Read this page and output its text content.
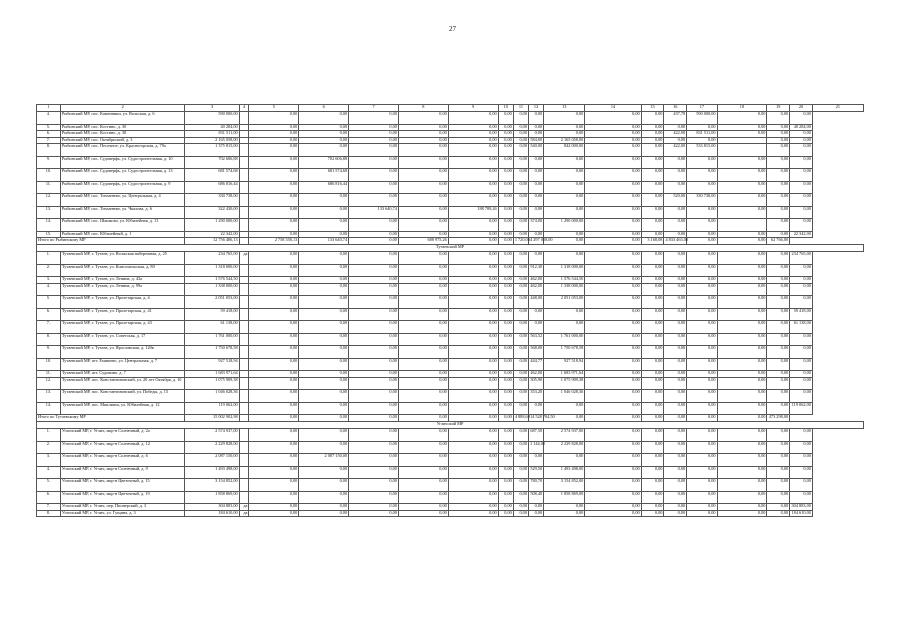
27
1	2	3	4	5	6	7	8	9	10	11	12	13	14	15	16	17	18	19	20	21
4.	Рыбинский МР, пос. Каменники, ул. Вольская, д. 6	590 000,00		0,00	0,00	0,00	0,00	0,00	0,00	0,00	0,00	0,00	0,00	0,00	437,78	590 000,00	0,00	0,00	0,00	
5.	Рыбинский МР, пос. Костино, д. 30	40 284,00		0,00	0,00	0,00	0,00	0,00	0,00	0,00	0,00	0,00	0,00	0,00	0,00	0,00	0,00	0,00	40 284,00	
6.	Рыбинский МР, пос. Костино, д. 38	831 511,00		0,00	0,00	0,00	0,00	0,00	0,00	0,00	0,00	0,00	0,00	0,00	422,00	831 511,00	0,00	0,00	0,00	
7.	Рыбинский МР, пос. Октябрьский, д. 3	2 165 058,00		0,00	0,00	0,00	0,00	0,00	0,00	0,00	584,00	2 165 058,00	0,00	0,00	0,00	0,00		0,00	0,00	
8.	Рыбинский МР, пос. Песочное, ул. Красногорская, д. 79а	1 375 815,00		0,00	0,00	0,00	0,00	0,00	0,00	0,00	540,00	842 000,00	0,00	0,00	422,00	533 815,00		0,00	0,00	
9.	Рыбинский МР, пос. Судоверфь, ул. Судостроительная, д. 10	702 606,88		0,00	702 606,88	0,00	0,00	0,00	0,00	0,00	0,00	0,00	0,00	0,00	0,00	0,00	0,00	0,00	0,00	
10.	Рыбинский МР, пос. Судоверфь, ул. Судостроительная, д. 13	681 574,68		0,00	681 574,68	0,00	0,00	0,00	0,00	0,00	0,00	0,00	0,00	0,00	0,00	0,00	0,00	0,00	0,00	
11.	Рыбинский МР, пос. Судоверфь, ул. Судостроительная, д. 9	686 816,44		0,00	686 816,44	0,00	0,00	0,00	0,00	0,00	0,00	0,00	0,00	0,00	0,00	0,00	0,00	0,00	0,00	
12.	Рыбинский МР, пос. Тихменево, ул. Центральная, д. 4	330 738,00		0,00	0,00	0,00	0,00	0,00	0,00	0,00	0,00	0,00	0,00	0,00	520,00	330 738,00	0,00	0,00	0,00	
13.	Рыбинский МР, пос. Тихменево, ул. Чкалова, д. 6	322 430,00		0,00	0,00	133 640,74	0,00	188 789,26	0,00	0,00	0,00	0,00	0,00	0,00	0,00	0,00	0,00	0,00	0,00	
14.	Рыбинский МР, пос. Шашково, ул. Юбилейная, д. 13	1 290 000,00		0,00	0,00	0,00	0,00	0,00	0,00	0,00	374,00	1 290 000,00	0,00	0,00	0,00	0,00		0,00	0,00	
15.	Рыбинский МР, пос. Юбилейный, д. 1	22 342,00		0,00	0,00	0,00	0,00	0,00	0,00	0,00	0,00	0,00	0,00	0,00	0,00	0,00	0,00	0,00	22 342,00	
Итого по Рыбинскому МР		12 756 406,13		2 758 558,13	133 640,74	0,00	688 975,26	0,00	0,00	1 720,00	4 297 058,00	0,00	0,00	3 168,08	4 833 463,00	0,00	0,00	62 766,00		
Тутаевский МР																				
1.	Тутаевский МР, г. Тутаев, ул. Волжская набережная, д. 25	234 765,00	да	0,00	0,00	0,00	0,00	0,00	0,00	0,00	0,00	0,00	0,00	0,00	0,00	0,00	0,00	0,00	234 765,00	
2.	Тутаевский МР, г. Тутаев, ул. Комсомольская, д. 80	1 318 000,00		0,00	0,00	0,00	0,00	0,00	0,00	0,00	912,30	1 318 000,00	0,00	0,00	0,00	0,00	0,00	0,00	0,00	
3.	Тутаевский МР, г. Тутаев, ул. Ленина, д. 43а	1 576 544,50		0,00	0,00	0,00	0,00	0,00	0,00	0,00	462,00	1 576 544,50	0,00	0,00	0,00	0,00	0,00	0,00	0,00	
4.	Тутаевский МР, г. Тутаев, ул. Ленина, д. 99а	1 338 000,00		0,00	0,00	0,00	0,00	0,00	0,00	0,00	462,00	1 338 000,00	0,00	0,00	0,00	0,00	0,00	0,00	0,00	
5.	Тутаевский МР, г. Тутаев, ул. Пролетарская, д. 4	2 051 053,00		0,00	0,00	0,00	0,00	0,00	0,00	0,00	448,00	2 051 053,00	0,00	0,00	0,00	0,00	0,00	0,00	0,00	
6.	Тутаевский МР, г. Тутаев, ул. Пролетарская, д. 41	59 418,00		0,00	0,00	0,00	0,00	0,00	0,00	0,00	0,00	0,00	0,00	0,00	0,00	0,00	0,00	0,00	59 418,00	
7.	Тутаевский МР, г. Тутаев, ул. Пролетарская, д. 43	61 138,00		0,00	0,00	0,00	0,00	0,00	0,00	0,00	0,00	0,00	0,00	0,00	0,00	0,00	0,00	0,00	61 138,00	
8.	Тутаевский МР, г. Тутаев, ул. Советская, д. 17	1 761 000,00		0,00	0,00	0,00	0,00	0,00	0,00	0,00	563,52	1 761 000,00	0,00	0,00	0,00	0,00	0,00	0,00	0,00	
9.	Тутаевский МР, г. Тутаев, ул. Ярославская, д. 120в	1 750 678,58		0,00	0,00	0,00	0,00	0,00	0,00	0,00	568,00	1 750 678,58	0,00	0,00	0,00	0,00	0,00	0,00	0,00	
10.	Тутаевский МР, пгт. Емишево, ул. Центральная, д. 7	927 518,94		0,00	0,00	0,00	0,00	0,00	0,00	0,00	444,77	927 518,94	0,00	0,00	0,00	0,00	0,00	0,00	0,00	
11.	Тутаевский МР, пгт. Судовино, д. 7	1 683 971,64		0,00	0,00	0,00	0,00	0,00	0,00	0,00	462,00	1 683 971,64	0,00	0,00	0,00	0,00	0,00	0,00	0,00	
12.	Тутаевский МР, пос. Константиновский, ул. 20 лет Октября, д. 10	1 075 909,38		0,00	0,00	0,00	0,00	0,00	0,00	0,00	305,90	1 075 909,38	0,00	0,00	0,00	0,00	0,00	0,00	0,00	
13.	Тутаевский МР, пос. Константиновский, ул. Победы, д. 15	1 046 028,36		0,00	0,00	0,00	0,00	0,00	0,00	0,00	353,20	1 046 028,36	0,00	0,00	0,00	0,00	0,00	0,00	0,00	
14.	Тутаевский МР, пос. Микляиха, ул. Юбилейная, д. 12	119 062,00		0,00	0,00	0,00	0,00	0,00	0,00	0,00	0,00	0,00	0,00	0,00	0,00	0,00	0,00	0,00	119 062,00	
Итого по Тутаевскому МР		15 002 902,98		0,00	0,00	0,00	0,00	0,00	0,00	4 888,69	14 528 704,50	0,00	0,00	0,00	0,00	0,00	0,00	473 298,00		
Угличский МР																				
1.	Угличский МР, г. Углич, мкр-н Солнечный, д. 2а	2 574 937,00		0,00	0,00	0,00	0,00	0,00	0,00	0,00	687,50	2 574 937,00	0,00	0,00	0,00	0,00	0,00	0,00	0,00	
2.	Угличский МР, г. Углич, мкр-н Солнечный, д. 12	2 229 828,00		0,00	0,00	0,00	0,00	0,00	0,00	0,00	1 144,00	2 229 828,00	0,00	0,00	0,00	0,00	0,00	0,00	0,00	
3.	Угличский МР, г. Углич, мкр-н Солнечный, д. 6	2 087 150,00		0,00	2 087 150,00	0,00	0,00	0,00	0,00	0,00	0,00	0,00	0,00	0,00	0,00	0,00	0,00	0,00	0,00	
4.	Угличский МР, г. Углич, мкр-н Солнечный, д. 9	1 493 498,00		0,00	0,00	0,00	0,00	0,00	0,00	0,00	529,50	1 493 498,00	0,00	0,00	0,00	0,00	0,00	0,00	0,00	
5.	Угличский МР, г. Углич, мкр-н Цветочный, д. 15	3 154 852,00		0,00	0,00	0,00	0,00	0,00	0,00	0,00	780,70	3 154 852,00	0,00	0,00	0,00	0,00	0,00	0,00	0,00	
6.	Угличский МР, г. Углич, мкр-н Цветочный, д. 19	1 858 869,00		0,00	0,00	0,00	0,00	0,00	0,00	0,00	508,40	1 858 869,00	0,00	0,00	0,00	0,00	0,00	0,00	0,00	
7.	Угличский МР, г. Углич, пер. Пионерский, д. 3	304 883,00	да	0,00	0,00	0,00	0,00	0,00	0,00	0,00	0,00	0,00	0,00	0,00	0,00	0,00	0,00	0,00	304 883,00	
8.	Угличский МР, г. Углич, ул. Гущина, д. 3	184 610,00	да	0,00	0,00	0,00	0,00	0,00	0,00	0,00	0,00	0,00	0,00	0,00	0,00	0,00	0,00	0,00	184 610,00	
